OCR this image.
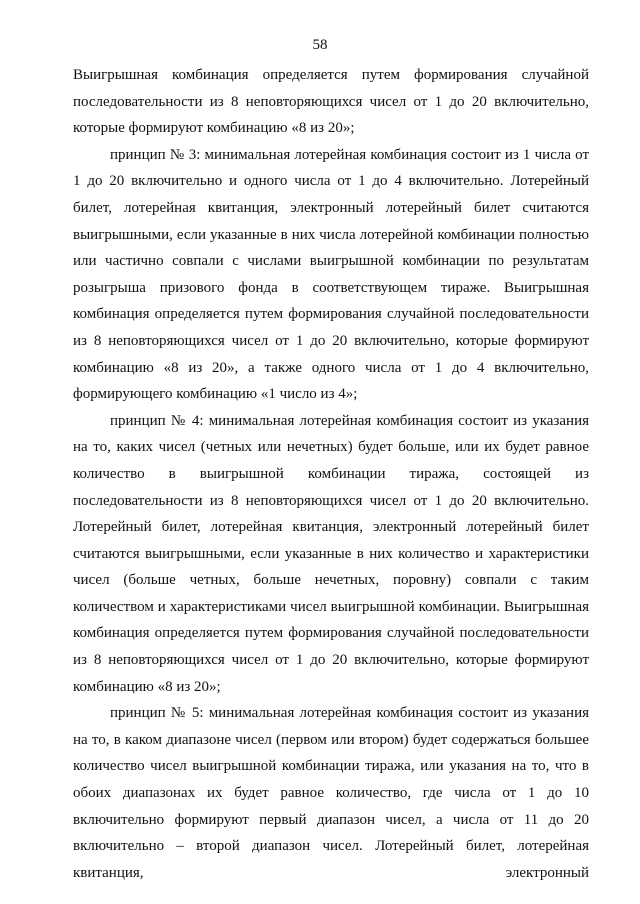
58

Выигрышная комбинация определяется путем формирования случайной последовательности из 8 неповторяющихся чисел от 1 до 20 включительно, которые формируют комбинацию «8 из 20»;

принцип № 3: минимальная лотерейная комбинация состоит из 1 числа от 1 до 20 включительно и одного числа от 1 до 4 включительно. Лотерейный билет, лотерейная квитанция, электронный лотерейный билет считаются выигрышными, если указанные в них числа лотерейной комбинации полностью или частично совпали с числами выигрышной комбинации по результатам розыгрыша призового фонда в соответствующем тираже. Выигрышная комбинация определяется путем формирования случайной последовательности из 8 неповторяющихся чисел от 1 до 20 включительно, которые формируют комбинацию «8 из 20», а также одного числа от 1 до 4 включительно, формирующего комбинацию «1 число из 4»;

принцип № 4: минимальная лотерейная комбинация состоит из указания на то, каких чисел (четных или нечетных) будет больше, или их будет равное количество в выигрышной комбинации тиража, состоящей из последовательности из 8 неповторяющихся чисел от 1 до 20 включительно. Лотерейный билет, лотерейная квитанция, электронный лотерейный билет считаются выигрышными, если указанные в них количество и характеристики чисел (больше четных, больше нечетных, поровну) совпали с таким количеством и характеристиками чисел выигрышной комбинации. Выигрышная комбинация определяется путем формирования случайной последовательности из 8 неповторяющихся чисел от 1 до 20 включительно, которые формируют комбинацию «8 из 20»;

принцип № 5: минимальная лотерейная комбинация состоит из указания на то, в каком диапазоне чисел (первом или втором) будет содержаться большее количество чисел выигрышной комбинации тиража, или указания на то, что в обоих диапазонах их будет равное количество, где числа от 1 до 10 включительно формируют первый диапазон чисел, а числа от 11 до 20 включительно – второй диапазон чисел. Лотерейный билет, лотерейная квитанция, электронный
